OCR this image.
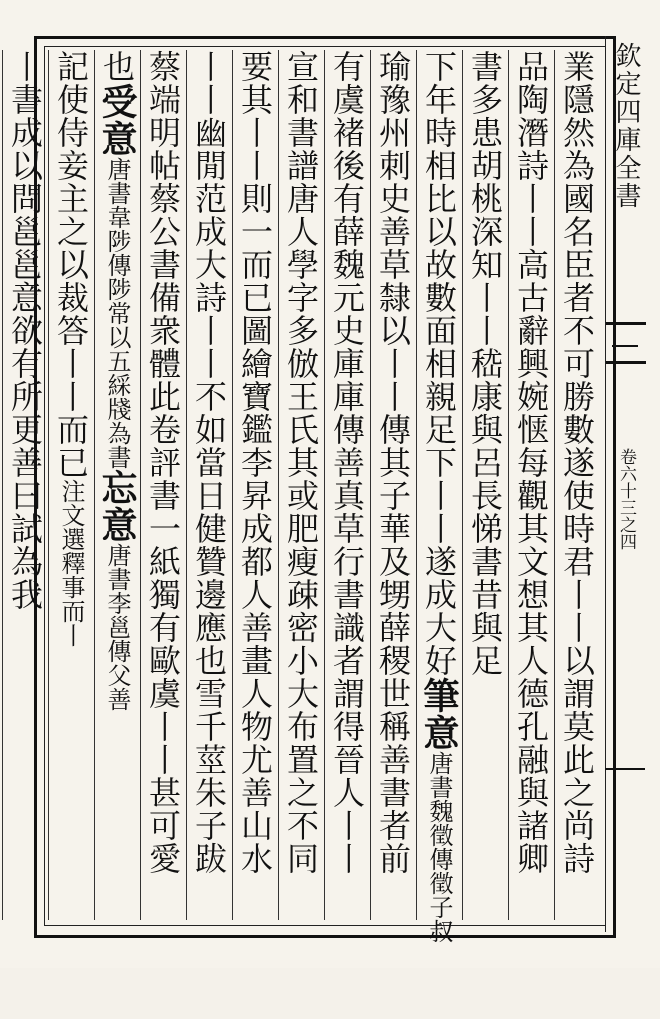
欽定四庫全書
卷六十三之四
業隱然為國名臣者不可勝數遂使時君丨丨以謂莫此之尚詩
品陶潛詩丨丨高古辭興婉惬每觀其文想其人德孔融與諸卿
書多患胡桃深知丨丨嵇康與呂長悌書昔與足
下年時相比以故數面相親足下丨丨遂成大好筆意唐書魏徵傳徵子叔
瑜豫州刺史善草隸以丨丨傳其子華及甥薛稷世稱善書者前
有虞褚後有薛魏元史庫庫傳善真草行書識者謂得晉人丨丨
宣和書譜唐人學字多倣王氏其或肥瘦疎密小大布置之不同
要其丨丨則一而已圖繪寶鑑李昇成都人善畫人物尤善山水
丨丨幽閒范成大詩丨丨不如當日健贊邊應也雪千莖朱子跋
蔡端明帖蔡公書備衆體此卷評書一紙獨有歐虞丨丨甚可愛
也受意唐書韋陟傳陟常以五綵牋為書忘意唐書李邕傳父善
記使侍妾主之以裁答丨丨而已注文選釋事而丨
丨書成以問邕邕意欲有所更善曰試為我
